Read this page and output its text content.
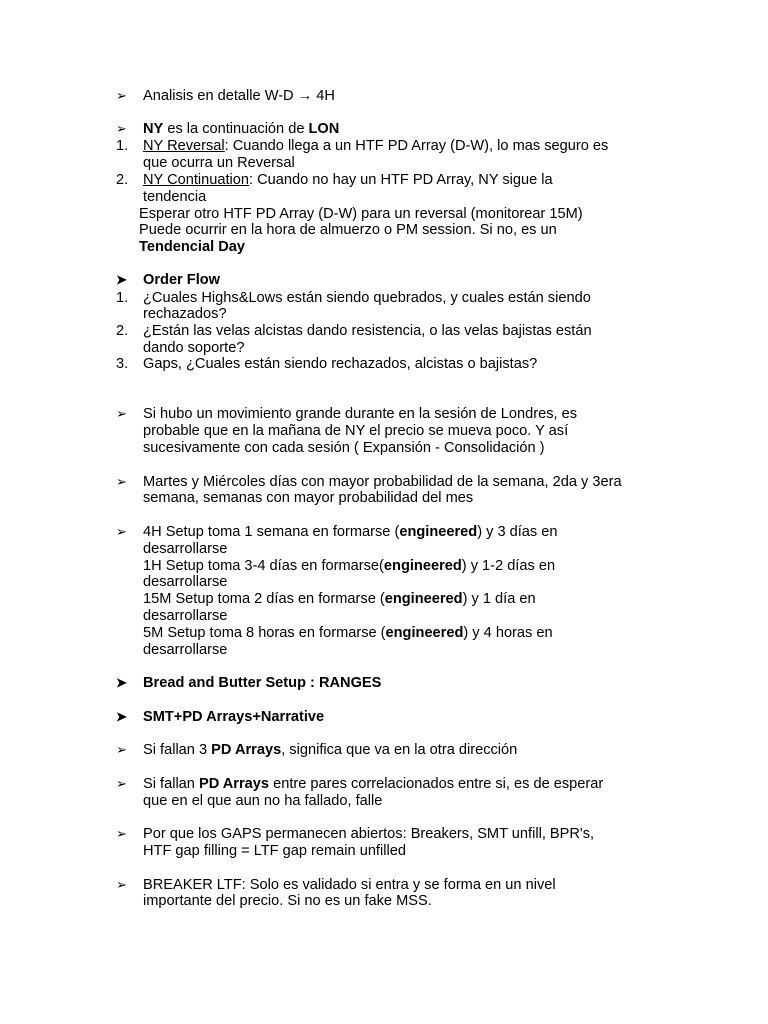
➢ Analisis en detalle W-D → 4H
➢ NY es la continuación de LON
1. NY Reversal: Cuando llega a un HTF PD Array (D-W), lo mas seguro es
que ocurra un Reversal
2. NY Continuation: Cuando no hay un HTF PD Array, NY sigue la
tendencia
Esperar otro HTF PD Array (D-W) para un reversal (monitorear 15M)
Puede ocurrir en la hora de almuerzo o PM session. Si no, es un
Tendencial Day
➤ Order Flow
1. ¿Cuales Highs&Lows están siendo quebrados, y cuales están siendo
rechazados?
2. ¿Están las velas alcistas dando resistencia, o las velas bajistas están
dando soporte?
3. Gaps, ¿Cuales están siendo rechazados, alcistas o bajistas?
➢ Si hubo un movimiento grande durante en la sesión de Londres, es
probable que en la mañana de NY el precio se mueva poco. Y así
sucesivamente con cada sesión ( Expansión - Consolidación )
➢ Martes y Miércoles días con mayor probabilidad de la semana, 2da y 3era
semana, semanas con mayor probabilidad del mes
➢ 4H Setup toma 1 semana en formarse (engineered) y 3 días en
desarrollarse
1H Setup toma 3-4 días en formarse(engineered) y 1-2 días en
desarrollarse
15M Setup toma 2 días en formarse (engineered) y 1 día en
desarrollarse
5M Setup toma 8 horas en formarse (engineered) y 4 horas en
desarrollarse
➤ Bread and Butter Setup : RANGES
➤ SMT+PD Arrays+Narrative
➢ Si fallan 3 PD Arrays, significa que va en la otra dirección
➢ Si fallan PD Arrays entre pares correlacionados entre si, es de esperar
que en el que aun no ha fallado, falle
➢ Por que los GAPS permanecen abiertos: Breakers, SMT unfill, BPR's,
HTF gap filling = LTF gap remain unfilled
➢ BREAKER LTF: Solo es validado si entra y se forma en un nivel
importante del precio. Si no es un fake MSS.
